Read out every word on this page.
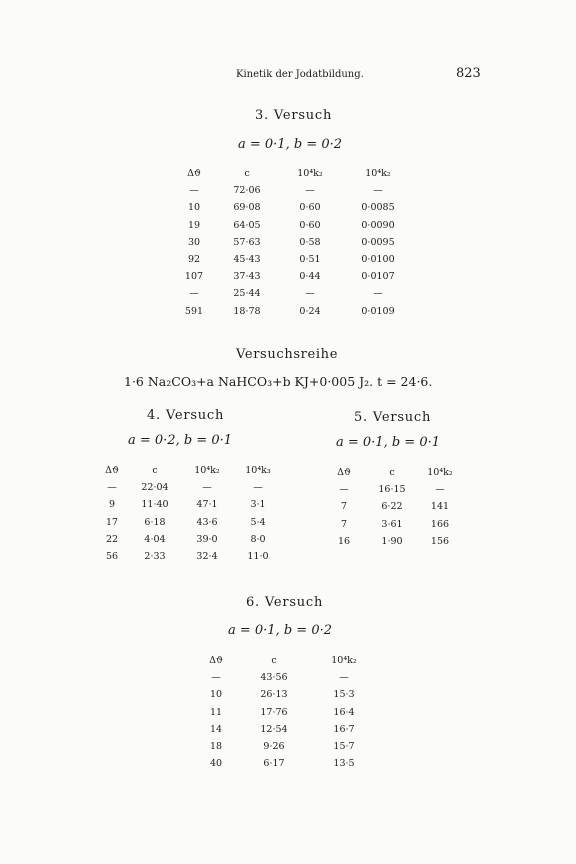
Kinetik der Jodatbildung.	823
3. Versuch
a = 0·1, b = 0·2
Δϑ	c	10⁴k₂	10⁴k₂
—	72·06	—	—
10	69·08	0·60	0·0085
19	64·05	0·60	0·0090
30	57·63	0·58	0·0095
92	45·43	0·51	0·0100
107	37·43	0·44	0·0107
—	25·44	—	—
591	18·78	0·24	0·0109
Versuchsreihe
1·6 Na₂CO₃+a NaHCO₃+b KJ+0·005 J₂. t = 24·6.
4. Versuch
a = 0·2, b = 0·1
Δϑ	c	10⁴k₂	10⁴k₃
—	22·04	—	—
9	11·40	47·1	3·1
17	6·18	43·6	5·4
22	4·04	39·0	8·0
56	2·33	32·4	11·0
5. Versuch
a = 0·1, b = 0·1
Δϑ	c	10⁴k₂
—	16·15	—
7	6·22	141
7	3·61	166
16	1·90	156
6. Versuch
a = 0·1, b = 0·2
Δϑ	c	10⁴k₂
—	43·56	—
10	26·13	15·3
11	17·76	16·4
14	12·54	16·7
18	9·26	15·7
40	6·17	13·5
